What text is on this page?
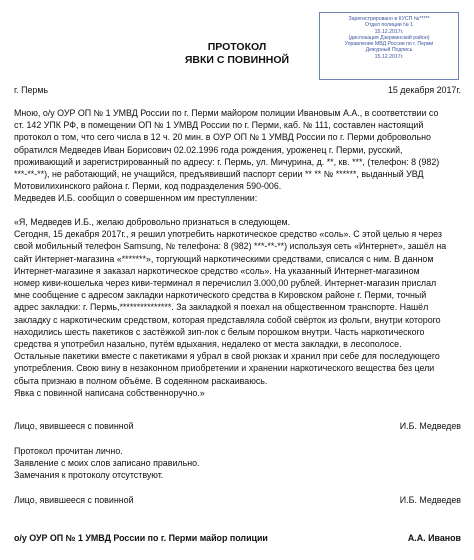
Зарегистрировано в КУСП №*****
Отдел полиции № 1
15.12.2017г.
(дислокация Дзержинский район)
Управление МВД России по г. Перми
Дежурный Подпись
15.12.2017г.
ПРОТОКОЛ
ЯВКИ С ПОВИННОЙ
г. Пермь	15 декабря 2017г.
Мною, о/у ОУР ОП № 1 УМВД России по г. Перми майором полиции Ивановым А.А., в соответствии со
ст. 142 УПК РФ, в помещении ОП № 1 УМВД России по г. Перми, каб. № 111, составлен настоящий
протокол о том, что сего числа в 12 ч. 20 мин. в ОУР ОП № 1 УМВД России по г. Перми добровольно
обратился Медведев Иван Борисович 02.02.1996 года рождения, уроженец г. Перми, русский,
проживающий и зарегистрированный по адресу: г. Пермь, ул. Мичурина, д. **, кв. ***, (телефон: 8 (982)
***-**-**), не работающий, не учащийся, предъявивший паспорт серии ** ** № ******, выданный УВД
Мотовилихинского района г. Перми, код подразделения 590-006.
Медведев И.Б. сообщил о совершенном им преступлении:
«Я, Медведев И.Б., желаю добровольно признаться в следующем.
Сегодня, 15 декабря 2017г., я решил употребить наркотическое средство «соль». С этой целью я через
свой мобильный телефон Samsung, № телефона: 8 (982) ***-**-**) используя сеть «Интернет», зашёл на
сайт Интернет-магазина «*******», торгующий наркотическими средствами, списался с ним. В данном
Интернет-магазине я заказал наркотическое средство «соль». На указанный Интернет-магазином
номер киви-кошелька через киви-терминал я перечислил 3.000,00 рублей. Интернет-магазин прислал
мне сообщение с адресом закладки наркотического средства в Кировском районе г. Перми, точный
адрес закладки: г. Пермь,***************. За закладкой я поехал на общественном транспорте. Нашёл
закладку с наркотическим средством, которая представляла собой свёрток из фольги, внутри которого
находились шесть пакетиков с застёжкой зип-лок с белым порошком внутри. Часть наркотического
средства я употребил назально, путём вдыхания, недалеко от места закладки, в лесополосе.
Остальные пакетики вместе с пакетиками я убрал в свой рюкзак и хранил при себе для последующего
употребления. Свою вину в незаконном приобретении и хранении наркотического вещества без цели
сбыта признаю в полном объёме. В содеянном раскаиваюсь.
Явка с повинной написана собственноручно.»
Лицо, явившееся с повинной	И.Б. Медведев
Протокол прочитан лично.
Заявление с моих слов записано правильно.
Замечания к протоколу отсутствуют.
Лицо, явившееся с повинной	И.Б. Медведев
о/у ОУР ОП № 1 УМВД России по г. Перми майор полиции	А.А. Иванов
